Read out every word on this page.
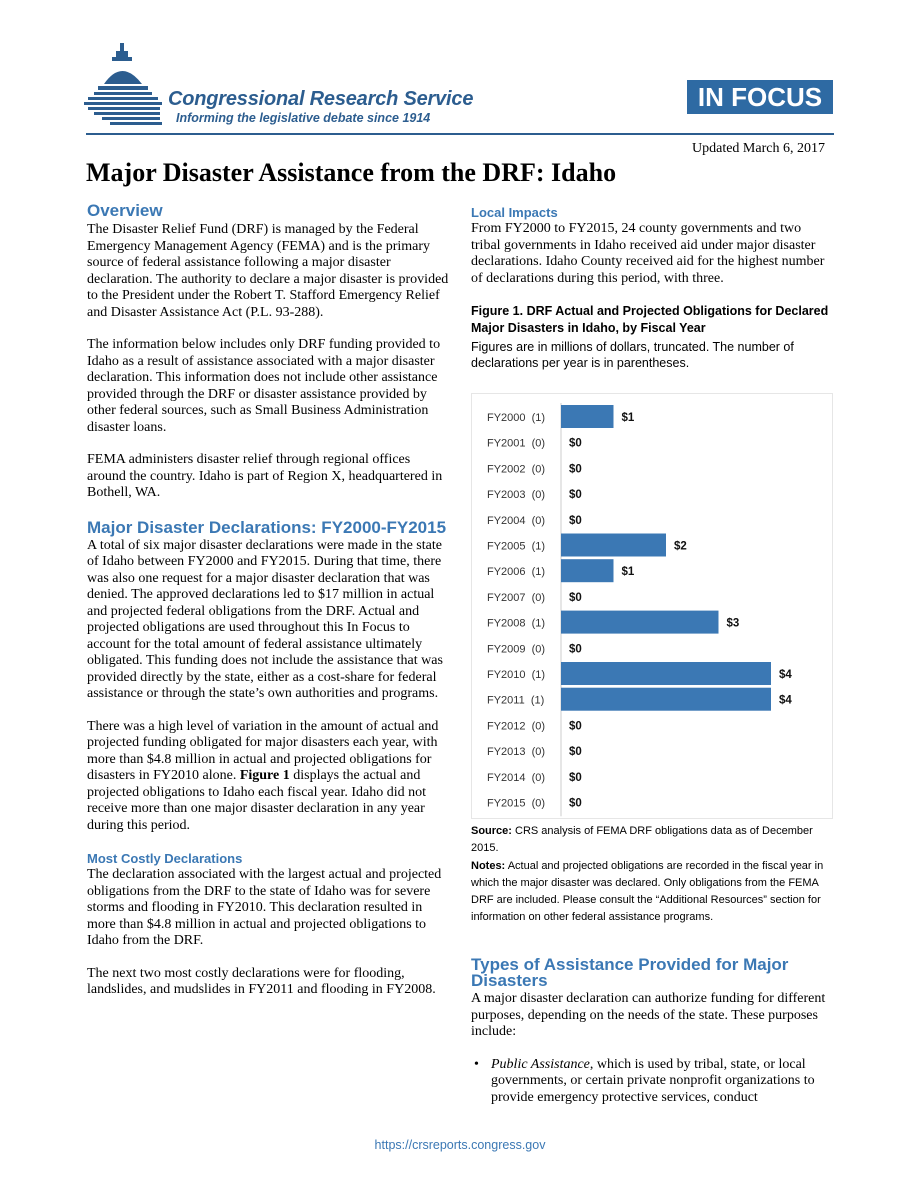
Congressional Research Service
Informing the legislative debate since 1914
IN FOCUS
Updated March 6, 2017
Major Disaster Assistance from the DRF: Idaho
Overview
The Disaster Relief Fund (DRF) is managed by the Federal Emergency Management Agency (FEMA) and is the primary source of federal assistance following a major disaster declaration. The authority to declare a major disaster is provided to the President under the Robert T. Stafford Emergency Relief and Disaster Assistance Act (P.L. 93-288).
The information below includes only DRF funding provided to Idaho as a result of assistance associated with a major disaster declaration. This information does not include other assistance provided through the DRF or disaster assistance provided by other federal sources, such as Small Business Administration disaster loans.
FEMA administers disaster relief through regional offices around the country. Idaho is part of Region X, headquartered in Bothell, WA.
Major Disaster Declarations: FY2000-FY2015
A total of six major disaster declarations were made in the state of Idaho between FY2000 and FY2015. During that time, there was also one request for a major disaster declaration that was denied. The approved declarations led to $17 million in actual and projected federal obligations from the DRF. Actual and projected obligations are used throughout this In Focus to account for the total amount of federal assistance ultimately obligated. This funding does not include the assistance that was provided directly by the state, either as a cost-share for federal assistance or through the state’s own authorities and programs.
There was a high level of variation in the amount of actual and projected funding obligated for major disasters each year, with more than $4.8 million in actual and projected obligations for disasters in FY2010 alone. Figure 1 displays the actual and projected obligations to Idaho each fiscal year. Idaho did not receive more than one major disaster declaration in any year during this period.
Most Costly Declarations
The declaration associated with the largest actual and projected obligations from the DRF to the state of Idaho was for severe storms and flooding in FY2010. This declaration resulted in more than $4.8 million in actual and projected obligations to Idaho from the DRF.
The next two most costly declarations were for flooding, landslides, and mudslides in FY2011 and flooding in FY2008.
Local Impacts
From FY2000 to FY2015, 24 county governments and two tribal governments in Idaho received aid under major disaster declarations. Idaho County received aid for the highest number of declarations during this period, with three.
Figure 1. DRF Actual and Projected Obligations for Declared Major Disasters in Idaho, by Fiscal Year
Figures are in millions of dollars, truncated. The number of declarations per year is in parentheses.
FY2000  (1)	$1
FY2001  (0) $0
FY2002  (0) $0
FY2003  (0) $0
FY2004  (0) $0
FY2005  (1)	$2
FY2006  (1)	$1
FY2007  (0) $0
FY2008  (1)	$3
FY2009  (0) $0
FY2010  (1)	$4
FY2011  (1)	$4
FY2012  (0) $0
FY2013  (0) $0
FY2014  (0) $0
FY2015  (0) $0
Source: CRS analysis of FEMA DRF obligations data as of December 2015.
Notes: Actual and projected obligations are recorded in the fiscal year in which the major disaster was declared. Only obligations from the FEMA DRF are included. Please consult the “Additional Resources” section for information on other federal assistance programs.
Types of Assistance Provided for Major Disasters
A major disaster declaration can authorize funding for different purposes, depending on the needs of the state. These purposes include:
• Public Assistance, which is used by tribal, state, or local governments, or certain private nonprofit organizations to provide emergency protective services, conduct
https://crsreports.congress.gov
